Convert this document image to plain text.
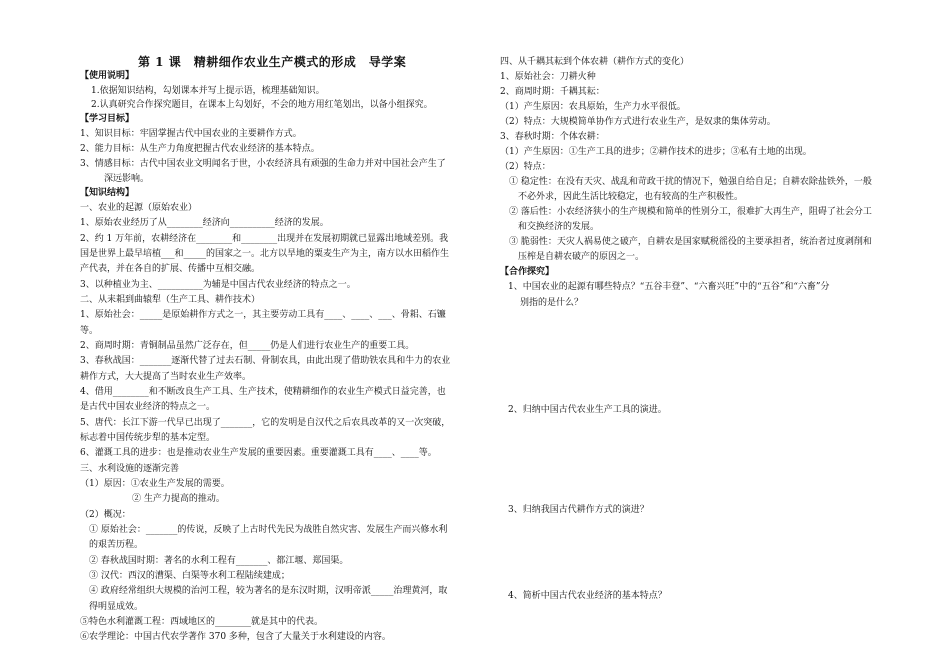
第 1 课　精耕细作农业生产模式的形成　导学案
【使用说明】
1.依据知识结构，勾划课本并写上提示语，梳理基础知识。
2.认真研究合作探究题目，在课本上勾划好，不会的地方用红笔划出，以备小组探究。
【学习目标】
1、知识目标：牢固掌握古代中国农业的主要耕作方式。
2、能力目标：从生产力角度把握古代农业经济的基本特点。
3、情感目标：古代中国农业文明闻名于世，小农经济具有顽强的生命力并对中国社会产生了
深远影响。
【知识结构】
一、农业的起源（原始农业）
1、原始农业经历了从________经济向__________经济的发展。
2、约 1 万年前，农耕经济在________和________出现并在发展初期就已显露出地域差别。我
国是世界上最早培植___和_____的国家之一。北方以旱地的粟麦生产为主，南方以水田稻作生
产代表，并在各自的扩展、传播中互相交融。
3、以种植业为主、__________为辅是中国古代农业经济的特点之一。
二、从耒耜到曲辕犁（生产工具、耕作技术）
1、原始社会：_____是原始耕作方式之一，其主要劳动工具有____、____、___、骨耜、石镰
等。
2、商周时期：青铜制品虽然广泛存在，但_____仍是人们进行农业生产的重要工具。
3、春秋战国：_______逐渐代替了过去石制、骨制农具，由此出现了借助铁农具和牛力的农业
耕作方式，大大提高了当时农业生产效率。
4、借用________和不断改良生产工具、生产技术，使精耕细作的农业生产模式日益完善，也
是古代中国农业经济的特点之一。
5、唐代：长江下游一代早已出现了_______，它的发明是自汉代之后农具改革的又一次突破，
标志着中国传统步犁的基本定型。
6、灌溉工具的进步：也是推动农业生产发展的重要因素。重要灌溉工具有____、____等。
三、水利设施的逐渐完善
（1）原因：①农业生产发展的需要。
② 生产力提高的推动。
（2）概况：
① 原始社会：_______的传说，反映了上古时代先民为战胜自然灾害、发展生产而兴修水利
的艰苦历程。
② 春秋战国时期：著名的水利工程有_______、都江堰、郑国渠。
③ 汉代：西汉的漕渠、白渠等水利工程陆续建成；
④ 政府经常组织大规模的治河工程，较为著名的是东汉时期，汉明帝派_____治理黄河，取
得明显成效。
⑤特色水利灌溉工程：西域地区的________就是其中的代表。
⑥农学理论：中国古代农学著作 370 多种，包含了大量关于水利建设的内容。
四、从千耦其耘到个体农耕（耕作方式的变化）
1、原始社会：刀耕火种
2、商周时期：千耦其耘：
（1）产生原因：农具原始，生产力水平很低。
（2）特点：大规模简单协作方式进行农业生产，是奴隶的集体劳动。
3、春秋时期：个体农耕：
（1）产生原因：①生产工具的进步；②耕作技术的进步；③私有土地的出现。
（2）特点：
① 稳定性：在没有天灾、战乱和苛政干扰的情况下，勉强自给自足；自耕农除盐铁外，一般
不必外求，因此生活比较稳定，也有较高的生产积极性。
② 落后性：小农经济狭小的生产规模和简单的性别分工，很难扩大再生产，阻碍了社会分工
和交换经济的发展。
③ 脆弱性：天灾人祸易使之破产，自耕农是国家赋税徭役的主要承担者，统治者过度剥削和
压榨是自耕农破产的原因之一。
【合作探究】
1、中国农业的起源有哪些特点？“五谷丰登”、“六畜兴旺”中的“五谷”和“六畜”分
别指的是什么？
2、归纳中国古代农业生产工具的演进。
3、归纳我国古代耕作方式的演进？
4、简析中国古代农业经济的基本特点？
